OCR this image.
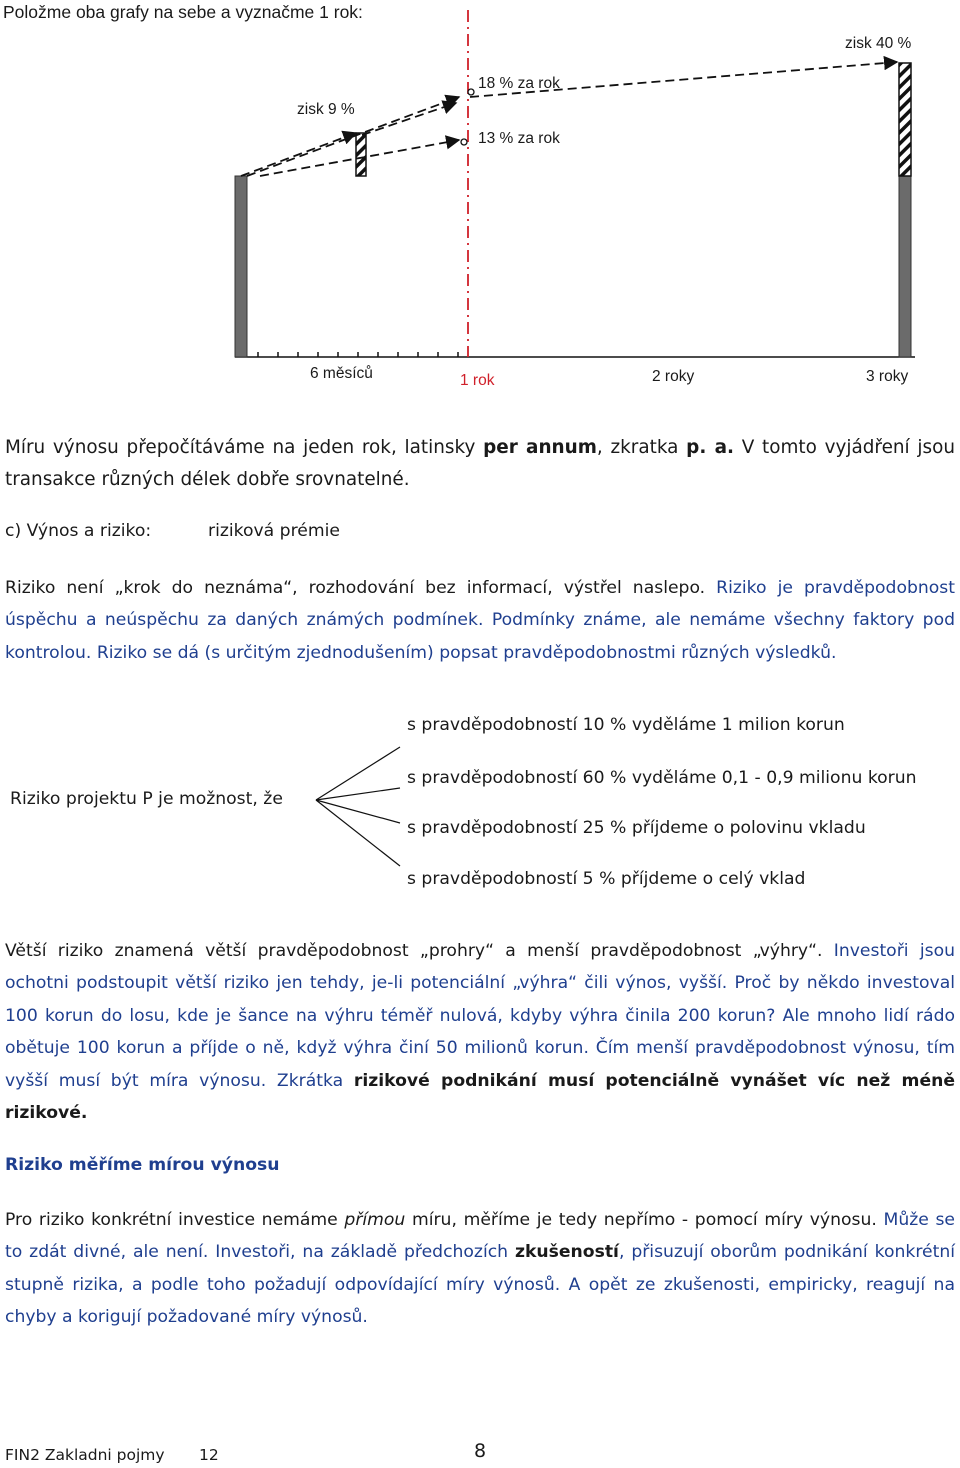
Položme oba grafy na sebe a vyznačme 1 rok:
zisk 9 %
zisk 40 %
18 % za rok
13 % za rok
6 měsíců	1 rok	2 roky	3 roky
Míru výnosu přepočítáváme na jeden rok, latinsky per annum, zkratka p. a. V tomto vyjádření jsou transakce různých délek dobře srovnatelné.
c) Výnos a riziko:	riziková prémie
Riziko není „krok do neznáma“, rozhodování bez informací, výstřel naslepo. Riziko je pravděpodobnost úspěchu a neúspěchu za daných známých podmínek. Podmínky známe, ale nemáme všechny faktory pod kontrolou. Riziko se dá (s určitým zjednodušením) popsat pravděpodobnostmi různých výsledků.
Riziko projektu P je možnost, že
s pravděpodobností 10 % vyděláme 1 milion korun
s pravděpodobností 60 % vyděláme 0,1 - 0,9 milionu korun
s pravděpodobností 25 % příjdeme o polovinu vkladu
s pravděpodobností 5 % příjdeme o celý vklad
Větší riziko znamená větší pravděpodobnost „prohry“ a menší pravděpodobnost „výhry“. Investoři jsou ochotni podstoupit větší riziko jen tehdy, je-li potenciální „výhra“ čili výnos, vyšší. Proč by někdo investoval 100 korun do losu, kde je šance na výhru téměř nulová, kdyby výhra činila 200 korun? Ale mnoho lidí rádo obětuje 100 korun a příjde o ně, když výhra činí 50 milionů korun. Čím menší pravděpodobnost výnosu, tím vyšší musí být míra výnosu. Zkrátka rizikové podnikání musí potenciálně vynášet víc než méně rizikové.
Riziko měříme mírou výnosu
Pro riziko konkrétní investice nemáme přímou míru, měříme je tedy nepřímo - pomocí míry výnosu. Může se to zdát divné, ale není. Investoři, na základě předchozích zkušeností, přisuzují oborům podnikání konkrétní stupně rizika, a podle toho požadují odpovídající míry výnosů. A opět ze zkušenosti, empiricky, reagují na chyby a korigují požadované míry výnosů.
FIN2 Zakladni pojmy 12	8
